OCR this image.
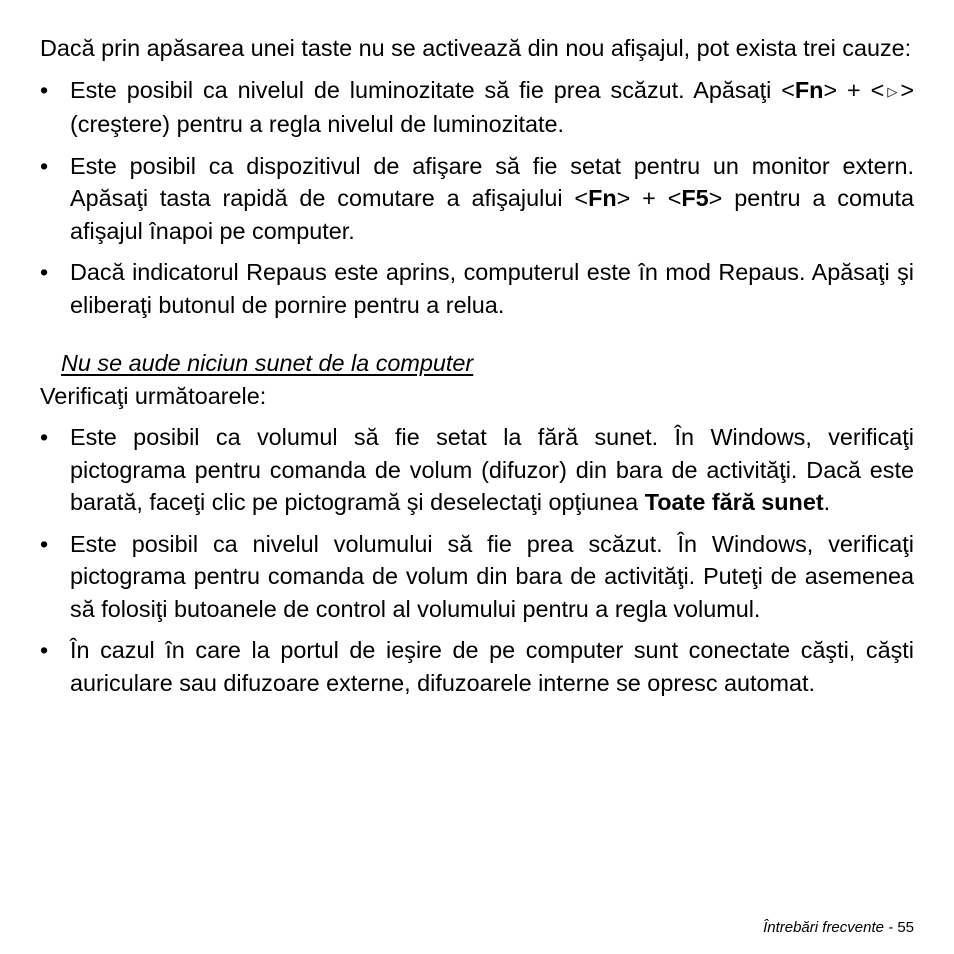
Dacă prin apăsarea unei taste nu se activează din nou afişajul, pot exista trei cauze:

• Este posibil ca nivelul de luminozitate să fie prea scăzut. Apăsaţi <Fn> + < ▷ > (creştere) pentru a regla nivelul de luminozitate.
• Este posibil ca dispozitivul de afişare să fie setat pentru un monitor extern. Apăsaţi tasta rapidă de comutare a afişajului <Fn> + <F5> pentru a comuta afişajul înapoi pe computer.
• Dacă indicatorul Repaus este aprins, computerul este în mod Repaus. Apăsaţi şi eliberaţi butonul de pornire pentru a relua.

Nu se aude niciun sunet de la computer

Verificaţi următoarele:

• Este posibil ca volumul să fie setat la fără sunet. În Windows, verificaţi pictograma pentru comanda de volum (difuzor) din bara de activităţi. Dacă este barată, faceţi clic pe pictogramă şi deselectaţi opţiunea Toate fără sunet.
• Este posibil ca nivelul volumului să fie prea scăzut. În Windows, verificaţi pictograma pentru comanda de volum din bara de activităţi. Puteţi de asemenea să folosiţi butoanele de control al volumului pentru a regla volumul.
• În cazul în care la portul de ieşire de pe computer sunt conectate căşti, căşti auriculare sau difuzoare externe, difuzoarele interne se opresc automat.
Întrebări frecvente - 55
